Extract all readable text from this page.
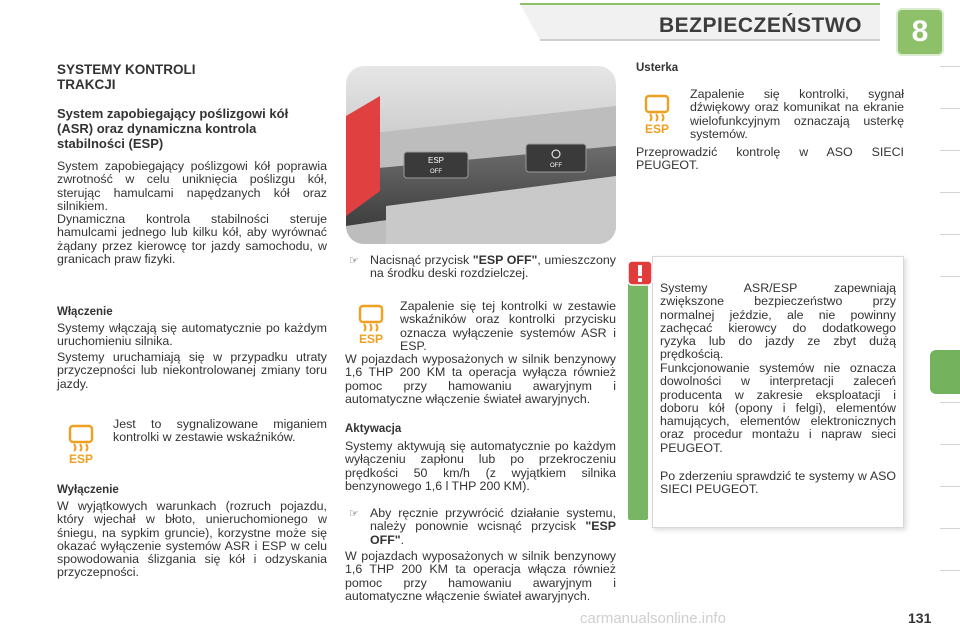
BEZPIECZEŃSTWO	8
SYSTEMY KONTROLI TRAKCJI
System zapobiegający poślizgowi kół (ASR) oraz dynamiczna kontrola stabilności (ESP)

System zapobiegający poślizgowi kół poprawia zwrotność w celu uniknięcia poślizgu kół, sterując hamulcami napędzanych kół oraz silnikiem.

Dynamiczna kontrola stabilności steruje hamulcami jednego lub kilku kół, aby wyrównać żądany przez kierowcę tor jazdy samochodu, w granicach praw fizyki.

Włączenie

Systemy włączają się automatycznie po każdym uruchomieniu silnika.

Systemy uruchamiają się w przypadku utraty przyczepności lub niekontrolowanej zmiany toru jazdy.

ESP

Jest to sygnalizowane miganiem kontrolki w zestawie wskaźników.

Wyłączenie

W wyjątkowych warunkach (rozruch pojazdu, który wjechał w błoto, unieruchomionego w śniegu, na sypkim gruncie), korzystne może się okazać wyłączenie systemów ASR i ESP w celu spowodowania ślizgania się kół i odzyskania przyczepności.

ESP
OFF
OFF
☞ Nacisnąć przycisk "ESP OFF", umieszczony na środku deski rozdzielczej.

ESP

Zapalenie się tej kontrolki w zestawie wskaźników oraz kontrolki przycisku oznacza wyłączenie systemów ASR i ESP.

W pojazdach wyposażonych w silnik benzynowy 1,6 THP 200 KM ta operacja wyłącza również pomoc przy hamowaniu awaryjnym i automatyczne włączenie świateł awaryjnych.

Aktywacja

Systemy aktywują się automatycznie po każdym wyłączeniu zapłonu lub po przekroczeniu prędkości 50 km/h (z wyjątkiem silnika benzynowego 1,6 l THP 200 KM).

☞ Aby ręcznie przywrócić działanie systemu, należy ponownie wcisnąć przycisk "ESP OFF".

W pojazdach wyposażonych w silnik benzynowy 1,6 THP 200 KM ta operacja włącza również pomoc przy hamowaniu awaryjnym i automatyczne włączenie świateł awaryjnych.

Usterka
ESP

Zapalenie się kontrolki, sygnał dźwiękowy oraz komunikat na ekranie wielofunkcyjnym oznaczają usterkę systemów.

Przeprowadzić kontrolę w ASO SIECI PEUGEOT.

Systemy ASR/ESP zapewniają zwiększone bezpieczeństwo przy normalnej jeździe, ale nie powinny zachęcać kierowcy do dodatkowego ryzyka lub do jazdy ze zbyt dużą prędkością.

Funkcjonowanie systemów nie oznacza dowolności w interpretacji zaleceń producenta w zakresie eksploatacji i doboru kół (opony i felgi), elementów hamujących, elementów elektronicznych oraz procedur montażu i napraw sieci PEUGEOT.

Po zderzeniu sprawdzić te systemy w ASO SIECI PEUGEOT.

carmanualsonline.info	131
